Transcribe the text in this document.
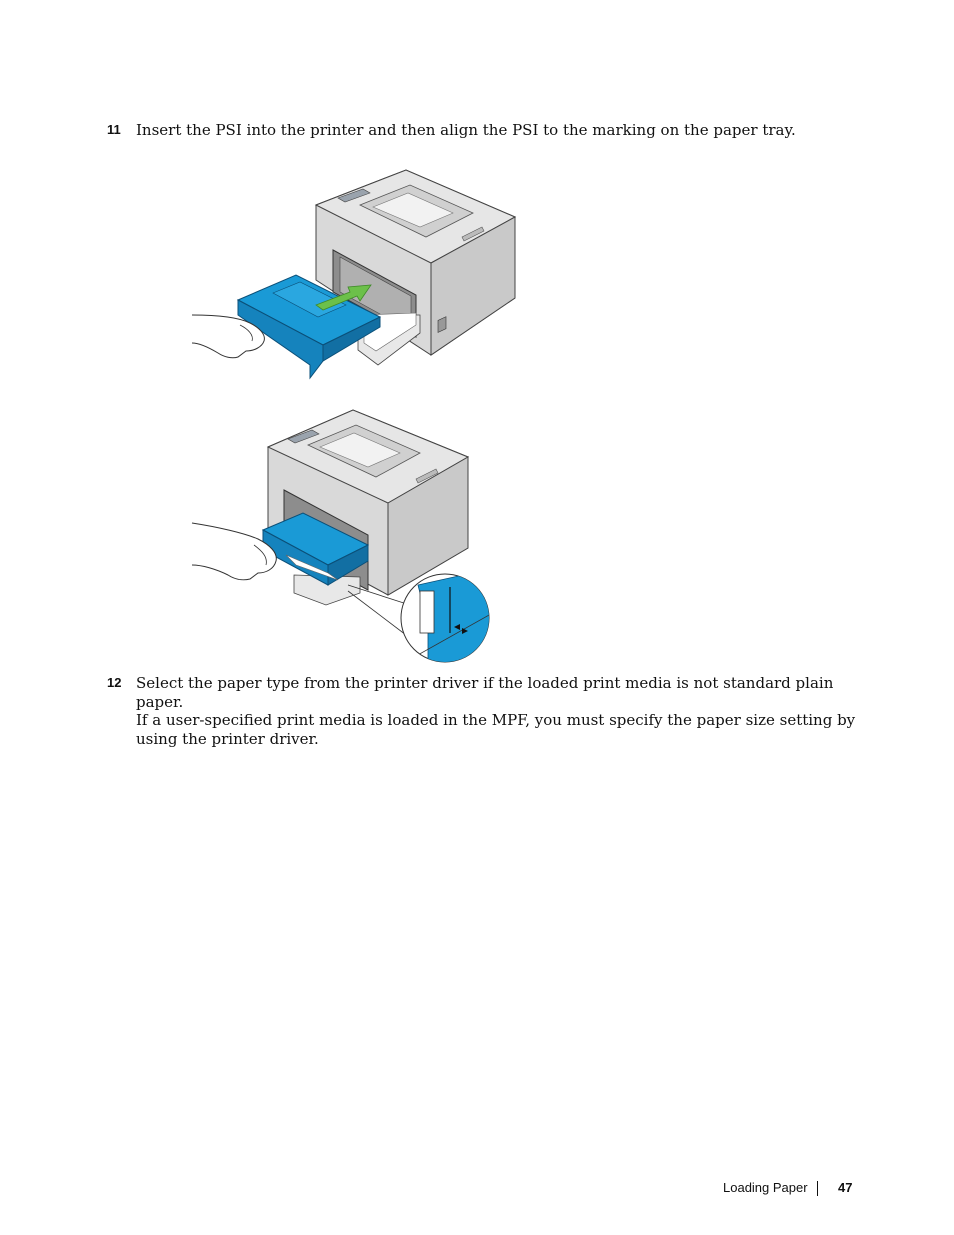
11 Insert the PSI into the printer and then align the PSI to the marking on the paper tray.
12 Select the paper type from the printer driver if the loaded print media is not standard plain paper.
If a user-specified print media is loaded in the MPF, you must specify the paper size setting by using the printer driver.
Loading Paper 47
